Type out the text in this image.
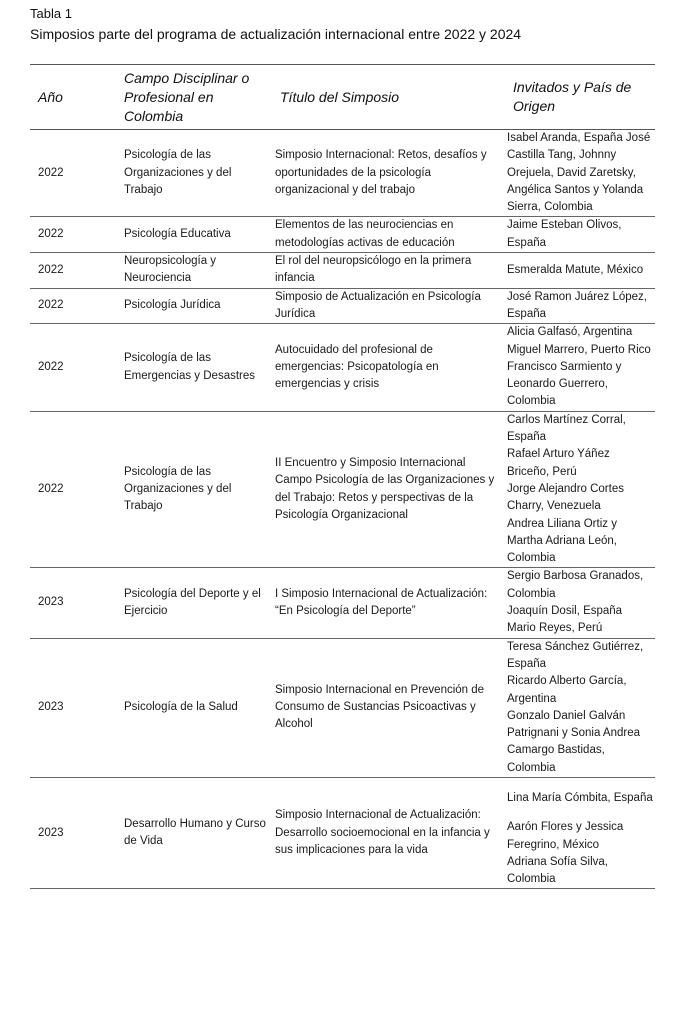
Tabla 1
Simposios parte del programa de actualización internacional entre 2022 y 2024
Año	Campo Disciplinar o Profesional en Colombia	Título del Simposio	Invitados y País de Origen
2022	Psicología de las Organizaciones y del Trabajo	Simposio Internacional: Retos, desafíos y oportunidades de la psicología organizacional y del trabajo	Isabel Aranda, España José Castilla Tang, Johnny Orejuela, David Zaretsky, Angélica Santos y Yolanda Sierra, Colombia

2022	Psicología Educativa	Elementos de las neurociencias en metodologías activas de educación	Jaime Esteban Olivos, España

2022	Neuropsicología y Neurociencia	El rol del neuropsicólogo en la primera infancia	Esmeralda Matute, México

2022	Psicología Jurídica	Simposio de Actualización en Psicología Jurídica	José Ramon Juárez López, España

2022	Psicología de las Emergencias y Desastres	Autocuidado del profesional de emergencias: Psicopatología en emergencias y crisis	Alicia Galfasó, Argentina
Miguel Marrero, Puerto Rico
Francisco Sarmiento y Leonardo Guerrero, Colombia

2022	Psicología de las Organizaciones y del Trabajo	II Encuentro y Simposio Internacional Campo Psicología de las Organizaciones y del Trabajo: Retos y perspectivas de la Psicología Organizacional	Carlos Martínez Corral, España
Rafael Arturo Yáñez Briceño, Perú
Jorge Alejandro Cortes Charry, Venezuela
Andrea Liliana Ortiz y Martha Adriana León, Colombia

2023	Psicología del Deporte y el Ejercicio	I Simposio Internacional de Actualización: “En Psicología del Deporte”	Sergio Barbosa Granados, Colombia
Joaquín Dosil, España
Mario Reyes, Perú

2023	Psicología de la Salud	Simposio Internacional en Prevención de Consumo de Sustancias Psicoactivas y Alcohol	Teresa Sánchez Gutiérrez, España
Ricardo Alberto García, Argentina
Gonzalo Daniel Galván Patrignani y Sonia Andrea Camargo Bastidas, Colombia

2023	Desarrollo Humano y Curso de Vida	Simposio Internacional de Actualización: Desarrollo socioemocional en la infancia y sus implicaciones para la vida	Lina María Cómbita, España
Aarón Flores y Jessica Feregrino, México
Adriana Sofía Silva, Colombia
